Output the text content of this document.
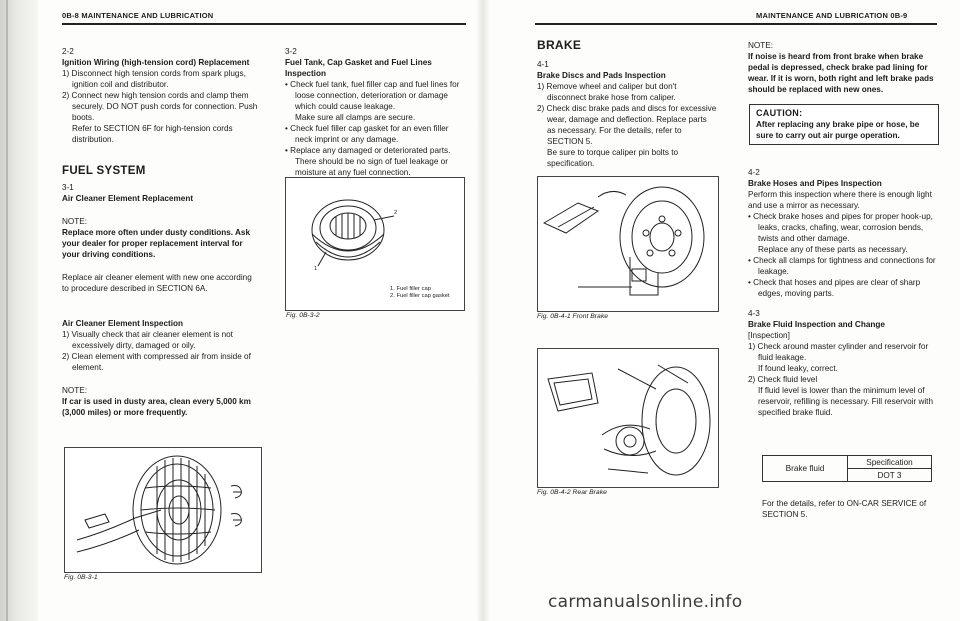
0B-8 MAINTENANCE AND LUBRICATION	MAINTENANCE AND LUBRICATION 0B-9

2-2

Ignition Wiring (high-tension cord) Replacement

1) Disconnect high tension cords from spark plugs, ignition coil and distributor.

2) Connect new high tension cords and clamp them securely. DO NOT push cords for connection. Push boots.

Refer to SECTION 6F for high-tension cords distribution.

FUEL SYSTEM

3-1

Air Cleaner Element Replacement

NOTE:

Replace more often under dusty conditions. Ask your dealer for proper replacement interval for your driving conditions.

Replace air cleaner element with new one according to procedure described in SECTION 6A.

Air Cleaner Element Inspection

1) Visually check that air cleaner element is not excessively dirty, damaged or oily.

2) Clean element with compressed air from inside of element.

NOTE:

If car is used in dusty area, clean every 5,000 km (3,000 miles) or more frequently.

Fig. 0B-3-1

3-2

Fuel Tank, Cap Gasket and Fuel Lines Inspection

• Check fuel tank, fuel filler cap and fuel lines for loose connection, deterioration or damage which could cause leakage.

Make sure all clamps are secure.

• Check fuel filler cap gasket for an even filler neck imprint or any damage.

• Replace any damaged or deteriorated parts.

There should be no sign of fuel leakage or moisture at any fuel connection.

2
1
1. Fuel filler cap
2. Fuel filler cap gasket
Fig. 0B-3-2

BRAKE

4-1

Brake Discs and Pads Inspection

1) Remove wheel and caliper but don't disconnect brake hose from caliper.

2) Check disc brake pads and discs for excessive wear, damage and deflection. Replace parts as necessary. For the details, refer to SECTION 5.

Be sure to torque caliper pin bolts to specification.

Fig. 0B-4-1 Front Brake
Fig. 0B-4-2 Rear Brake

NOTE:

If noise is heard from front brake when brake pedal is depressed, check brake pad lining for wear. If it is worn, both right and left brake pads should be replaced with new ones.

CAUTION:
After replacing any brake pipe or hose, be sure to carry out air purge operation.

4-2

Brake Hoses and Pipes Inspection

Perform this inspection where there is enough light and use a mirror as necessary.

• Check brake hoses and pipes for proper hook-up, leaks, cracks, chafing, wear, corrosion bends, twists and other damage.

Replace any of these parts as necessary.

• Check all clamps for tightness and connections for leakage.

• Check that hoses and pipes are clear of sharp edges, moving parts.

4-3

Brake Fluid Inspection and Change

[Inspection]

1) Check around master cylinder and reservoir for fluid leakage.

If found leaky, correct.

2) Check fluid level

If fluid level is lower than the minimum level of reservoir, refilling is necessary. Fill reservoir with specified brake fluid.

Brake fluid	Specification
DOT 3
For the details, refer to ON-CAR SERVICE of SECTION 5.
carmanualsonline.info
